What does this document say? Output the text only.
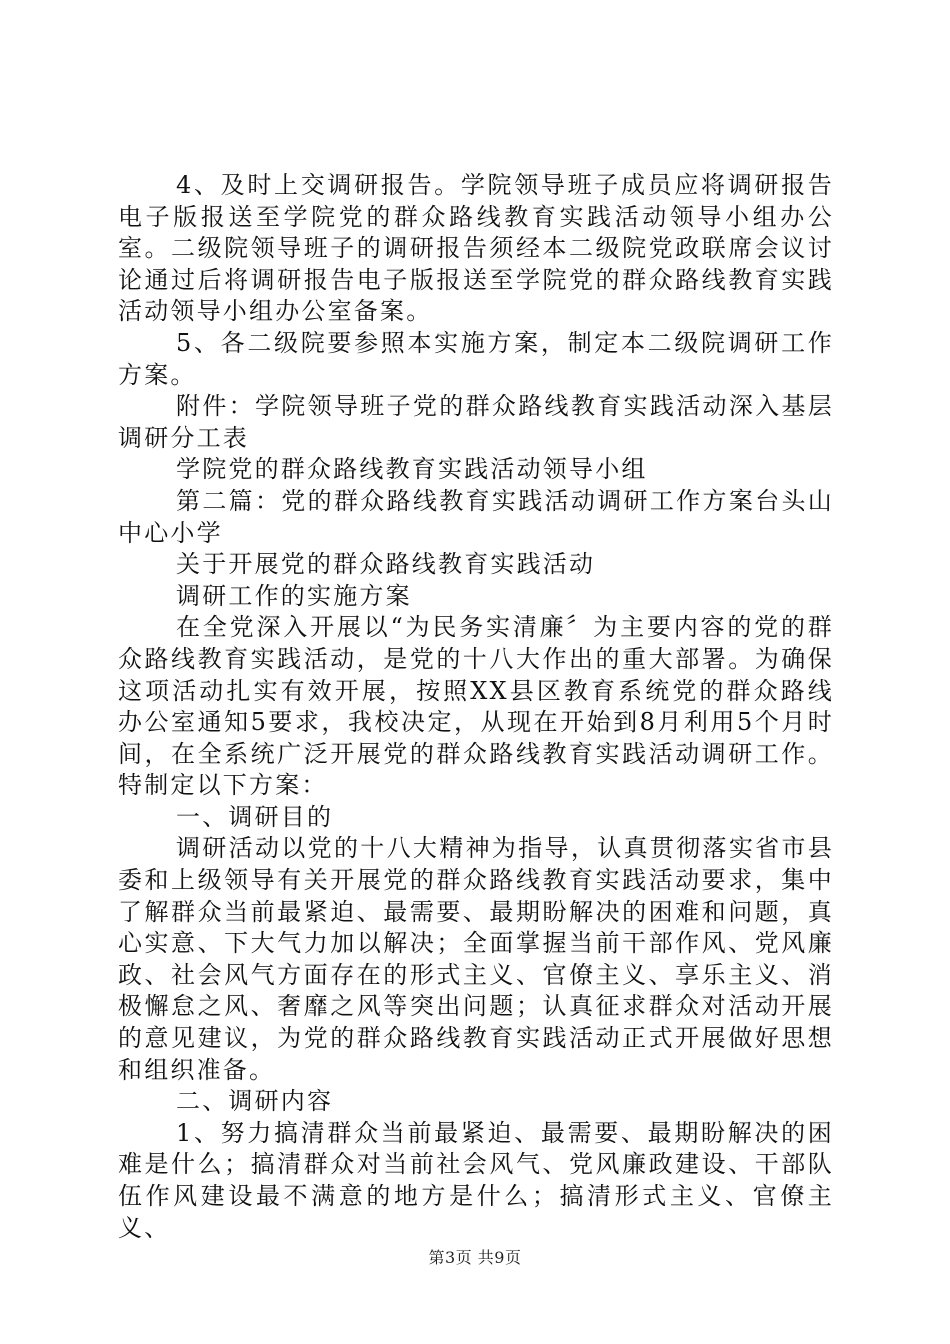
4、及时上交调研报告。学院领导班子成员应将调研报告电子版报送至学院党的群众路线教育实践活动领导小组办公室。二级院领导班子的调研报告须经本二级院党政联席会议讨论通过后将调研报告电子版报送至学院党的群众路线教育实践活动领导小组办公室备案。

5、各二级院要参照本实施方案，制定本二级院调研工作方案。

附件：学院领导班子党的群众路线教育实践活动深入基层调研分工表

学院党的群众路线教育实践活动领导小组

第二篇：党的群众路线教育实践活动调研工作方案台头山中心小学

关于开展党的群众路线教育实践活动

调研工作的实施方案

在全党深入开展以“为民务实清廉〞为主要内容的党的群众路线教育实践活动，是党的十八大作出的重大部署。为确保这项活动扎实有效开展，按照XX县区教育系统党的群众路线办公室通知5要求，我校决定，从现在开始到8月利用5个月时间，在全系统广泛开展党的群众路线教育实践活动调研工作。特制定以下方案：

一、调研目的

调研活动以党的十八大精神为指导，认真贯彻落实省市县委和上级领导有关开展党的群众路线教育实践活动要求，集中了解群众当前最紧迫、最需要、最期盼解决的困难和问题，真心实意、下大气力加以解决；全面掌握当前干部作风、党风廉政、社会风气方面存在的形式主义、官僚主义、享乐主义、消极懈怠之风、奢靡之风等突出问题；认真征求群众对活动开展的意见建议，为党的群众路线教育实践活动正式开展做好思想和组织准备。

二、调研内容

1、努力搞清群众当前最紧迫、最需要、最期盼解决的困难是什么；搞清群众对当前社会风气、党风廉政建设、干部队伍作风建设最不满意的地方是什么；搞清形式主义、官僚主义、

第3页 共9页
